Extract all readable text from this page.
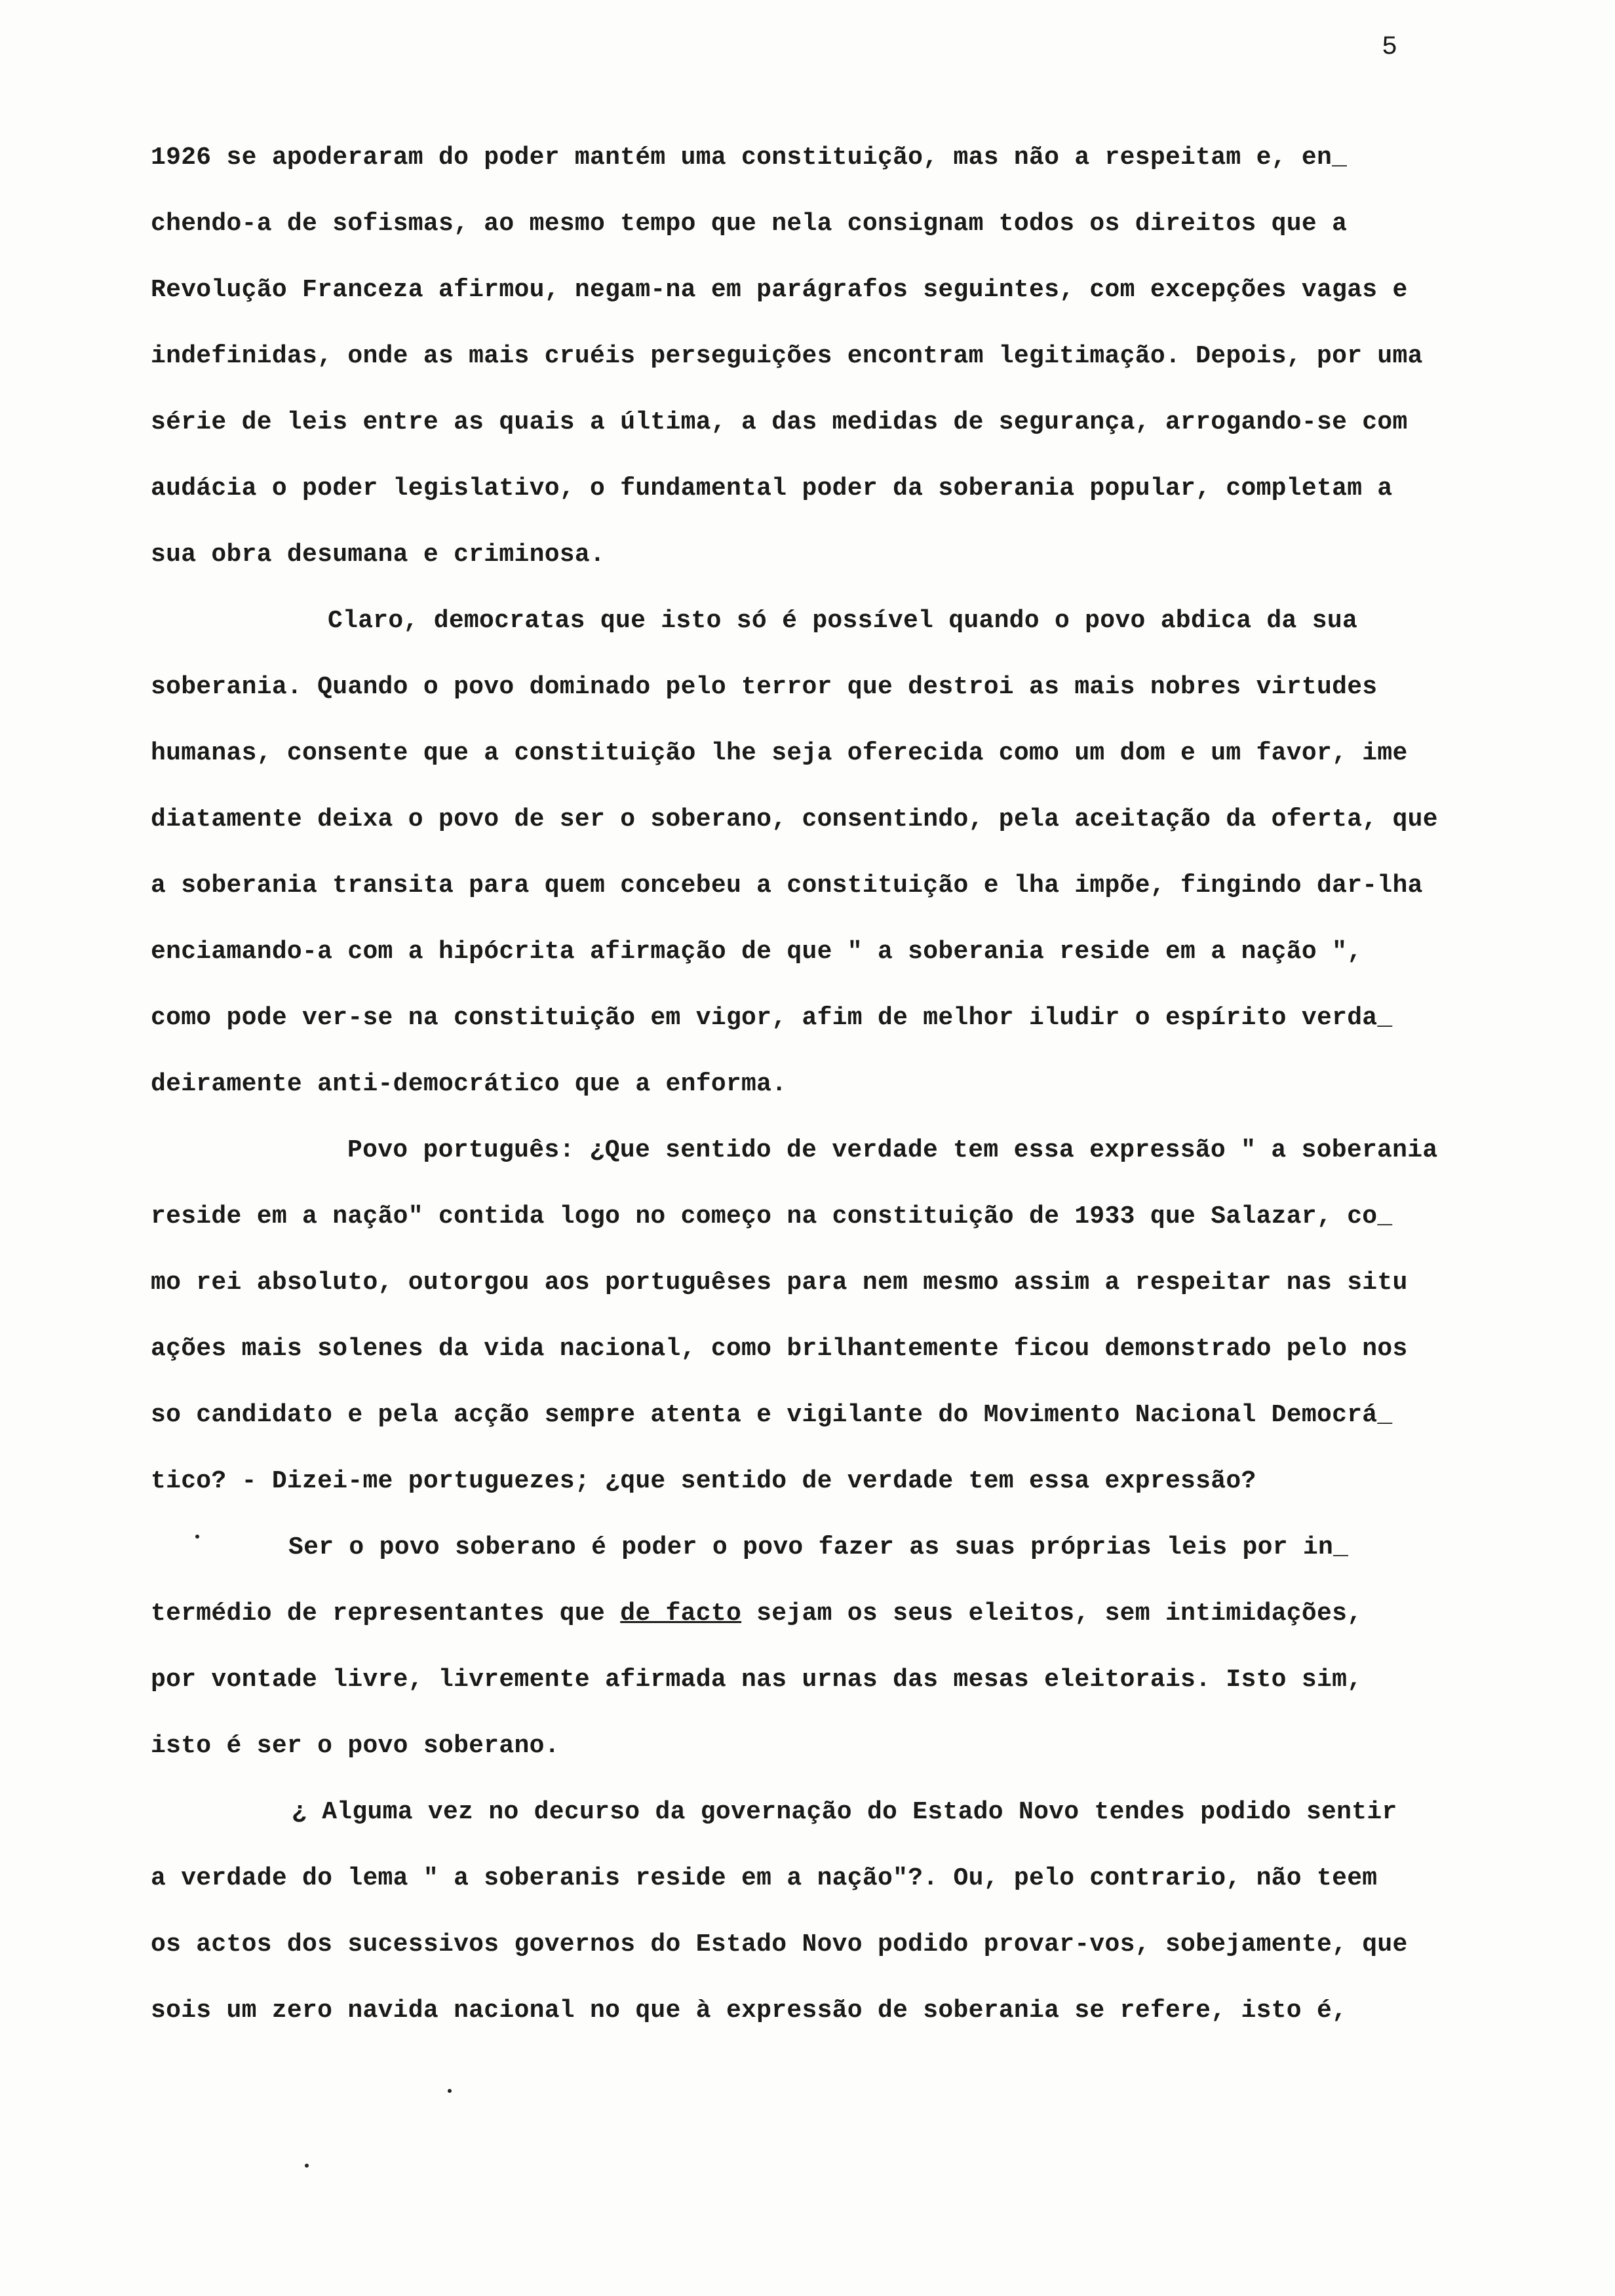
5
1926 se apoderaram do poder mantém uma constituição, mas não a respeitam e, en_
chendo-a de sofismas, ao mesmo tempo que nela consignam todos os direitos que a
Revolução Franceza afirmou, negam-na em parágrafos seguintes, com excepções vagas e
indefinidas, onde as mais cruéis perseguições encontram legitimação. Depois, por uma
série de leis entre as quais a última, a das medidas de segurança, arrogando-se com
audácia o poder legislativo, o fundamental poder da soberania popular, completam a
sua obra desumana e criminosa.
Claro, democratas que isto só é possível quando o povo abdica da sua
soberania. Quando o povo dominado pelo terror que destroi as mais nobres virtudes
humanas, consente que a constituição lhe seja oferecida como um dom e um favor, ime
diatamente deixa o povo de ser o soberano, consentindo, pela aceitação da oferta, que
a soberania transita para quem concebeu a constituição e lha impõe, fingindo dar-lha
enciamando-a com a hipócrita afirmação de que " a soberania reside em a nação ",
como pode ver-se na constituição em vigor, afim de melhor iludir o espírito verda_
deiramente anti-democrático que a enforma.
Povo português: ¿Que sentido de verdade tem essa expressão " a soberania
reside em a nação" contida logo no começo na constituição de 1933 que Salazar, co_
mo rei absoluto, outorgou aos portuguêses para nem mesmo assim a respeitar nas situ
ações mais solenes da vida nacional, como brilhantemente ficou demonstrado pelo nos
so candidato e pela acção sempre atenta e vigilante do Movimento Nacional Democrá_
tico? - Dizei-me portuguezes; ¿que sentido de verdade tem essa expressão?
Ser o povo soberano é poder o povo fazer as suas próprias leis por in_
termédio de representantes que de facto sejam os seus eleitos, sem intimidações,
por vontade livre, livremente afirmada nas urnas das mesas eleitorais. Isto sim,
isto é ser o povo soberano.
¿ Alguma vez no decurso da governação do Estado Novo tendes podido sentir
a verdade do lema " a soberanis reside em a nação"?. Ou, pelo contrario, não teem
os actos dos sucessivos governos do Estado Novo podido provar-vos, sobejamente, que
sois um zero navida nacional no que à expressão de soberania se refere, isto é,
